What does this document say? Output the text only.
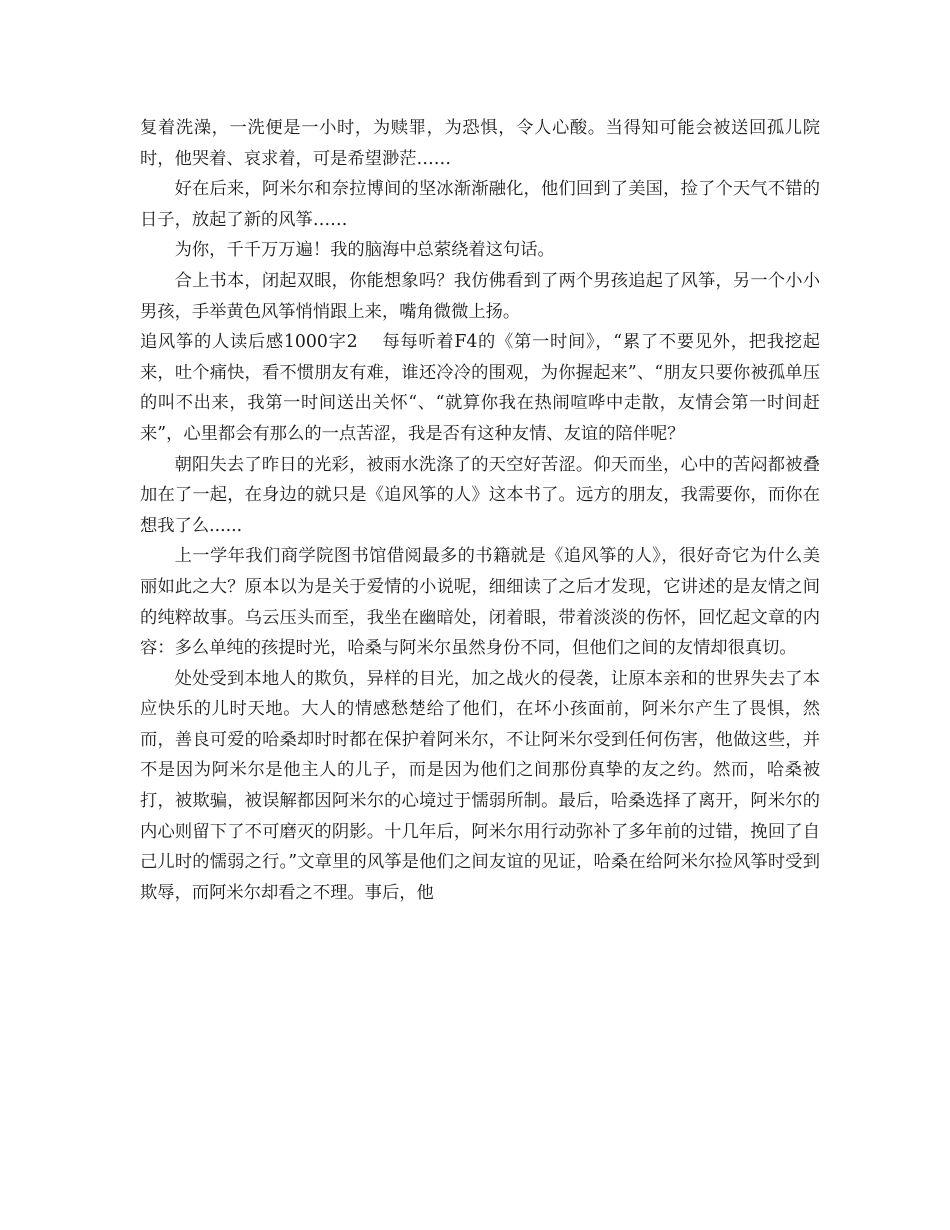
复着洗澡，一洗便是一小时，为赎罪，为恐惧，令人心酸。当得知可能会被送回孤儿院时，他哭着、哀求着，可是希望渺茫……

好在后来，阿米尔和奈拉博间的坚冰渐渐融化，他们回到了美国，捡了个天气不错的日子，放起了新的风筝……

为你，千千万万遍！我的脑海中总萦绕着这句话。

合上书本，闭起双眼，你能想象吗？我仿佛看到了两个男孩追起了风筝，另一个小小男孩，手举黄色风筝悄悄跟上来，嘴角微微上扬。

追风筝的人读后感1000字2 每每听着F4的《第一时间》，“累了不要见外，把我挖起来，吐个痛快，看不惯朋友有难，谁还冷冷的围观，为你握起来”、“朋友只要你被孤单压的叫不出来，我第一时间送出关怀“、“就算你我在热闹喧哗中走散，友情会第一时间赶来”，心里都会有那么的一点苦涩，我是否有这种友情、友谊的陪伴呢？

朝阳失去了昨日的光彩，被雨水洗涤了的天空好苦涩。仰天而坐，心中的苦闷都被叠加在了一起，在身边的就只是《追风筝的人》这本书了。远方的朋友，我需要你，而你在想我了么......

上一学年我们商学院图书馆借阅最多的书籍就是《追风筝的人》，很好奇它为什么美丽如此之大？原本以为是关于爱情的小说呢，细细读了之后才发现，它讲述的是友情之间的纯粹故事。乌云压头而至，我坐在幽暗处，闭着眼，带着淡淡的伤怀，回忆起文章的内容：多么单纯的孩提时光，哈桑与阿米尔虽然身份不同，但他们之间的友情却很真切。

处处受到本地人的欺负，异样的目光，加之战火的侵袭，让原本亲和的世界失去了本应快乐的儿时天地。大人的情感愁楚给了他们，在坏小孩面前，阿米尔产生了畏惧，然而，善良可爱的哈桑却时时都在保护着阿米尔，不让阿米尔受到任何伤害，他做这些，并不是因为阿米尔是他主人的儿子，而是因为他们之间那份真挚的友之约。然而，哈桑被打，被欺骗，被误解都因阿米尔的心境过于懦弱所制。最后，哈桑选择了离开，阿米尔的内心则留下了不可磨灭的阴影。十几年后，阿米尔用行动弥补了多年前的过错，挽回了自己儿时的懦弱之行。”文章里的风筝是他们之间友谊的见证，哈桑在给阿米尔捡风筝时受到欺辱，而阿米尔却看之不理。事后，他
